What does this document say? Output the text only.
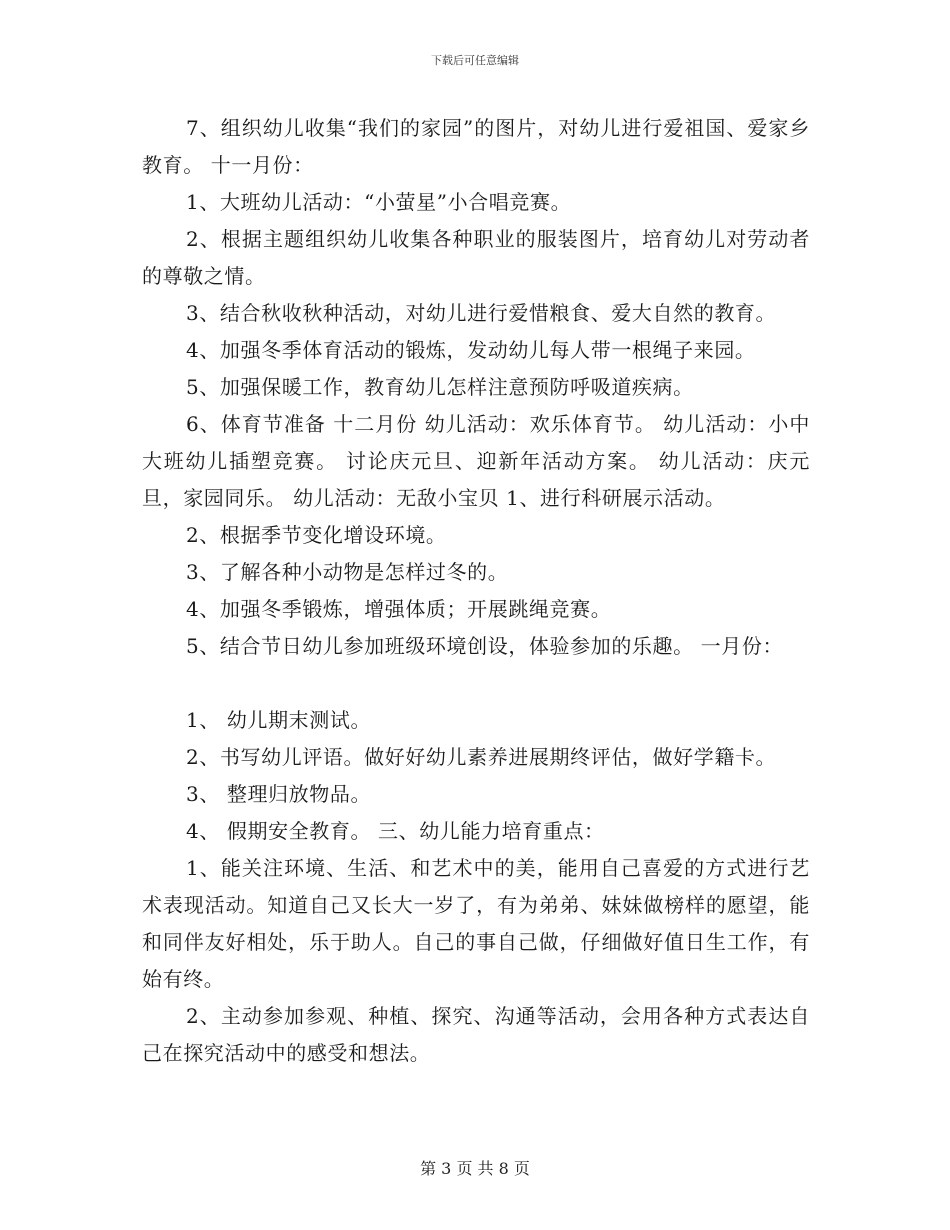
下载后可任意编辑

7、组织幼儿收集“我们的家园”的图片，对幼儿进行爱祖国、爱家乡教育。 十一月份：

1、大班幼儿活动：“小萤星”小合唱竞赛。

2、根据主题组织幼儿收集各种职业的服装图片，培育幼儿对劳动者的尊敬之情。

3、结合秋收秋种活动，对幼儿进行爱惜粮食、爱大自然的教育。

4、加强冬季体育活动的锻炼，发动幼儿每人带一根绳子来园。

5、加强保暖工作，教育幼儿怎样注意预防呼吸道疾病。

6、体育节准备 十二月份 幼儿活动：欢乐体育节。 幼儿活动：小中大班幼儿插塑竞赛。 讨论庆元旦、迎新年活动方案。 幼儿活动：庆元旦，家园同乐。 幼儿活动：无敌小宝贝 1、进行科研展示活动。

2、根据季节变化增设环境。

3、了解各种小动物是怎样过冬的。

4、加强冬季锻炼，增强体质；开展跳绳竞赛。

5、结合节日幼儿参加班级环境创设，体验参加的乐趣。 一月份：

1、 幼儿期末测试。

2、书写幼儿评语。做好好幼儿素养进展期终评估，做好学籍卡。

3、 整理归放物品。

4、 假期安全教育。 三、幼儿能力培育重点：

1、能关注环境、生活、和艺术中的美，能用自己喜爱的方式进行艺术表现活动。知道自己又长大一岁了，有为弟弟、妹妹做榜样的愿望，能和同伴友好相处，乐于助人。自己的事自己做，仔细做好值日生工作，有始有终。

2、主动参加参观、种植、探究、沟通等活动，会用各种方式表达自己在探究活动中的感受和想法。

第 3 页 共 8 页
